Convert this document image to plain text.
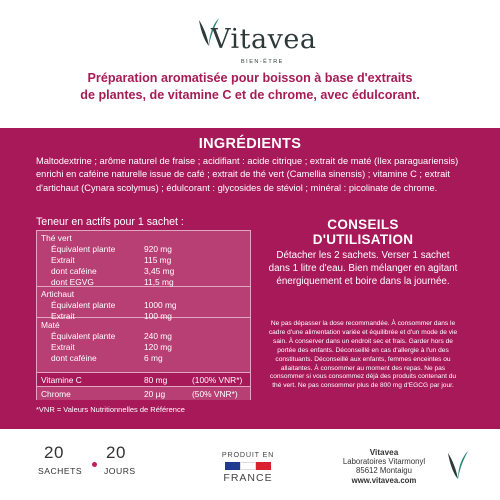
Vitavea
BIEN-ÊTRE
Préparation aromatisée pour boisson à base d'extraits
de plantes, de vitamine C et de chrome, avec édulcorant.
INGRÉDIENTS
Maltodextrine ; arôme naturel de fraise ; acidifiant : acide citrique ; extrait de maté (Ilex paraguariensis) enrichi en caféine naturelle issue de café ; extrait de thé vert (Camellia sinensis) ; vitamine C ; extrait d'artichaut (Cynara scolymus) ; édulcorant : glycosides de stéviol ; minéral : picolinate de chrome.
Teneur en actifs pour 1 sachet :
Thé vert
Équivalent plante	920 mg
Extrait	115 mg
dont caféine	3,45 mg
dont EGVG	11,5 mg
Artichaut
Équivalent plante	1000 mg
Extrait	100 mg
Maté
Équivalent plante	240 mg
Extrait	120 mg
dont caféine	6 mg
Vitamine C	80 mg	(100% VNR*)
Chrome	20 µg	(50% VNR*)
*VNR = Valeurs Nutritionnelles de Référence
CONSEILS
D'UTILISATION
Détacher les 2 sachets. Verser 1 sachet dans 1 litre d'eau. Bien mélanger en agitant énergiquement et boire dans la journée.
Ne pas dépasser la dose recommandée. À consommer dans le cadre d'une alimentation variée et équilibrée et d'un mode de vie sain. À conserver dans un endroit sec et frais. Garder hors de portée des enfants. Déconseillé en cas d'allergie à l'un des constituants. Déconseillé aux enfants, femmes enceintes ou allaitantes. À consommer au moment des repas. Ne pas consommer si vous consommez déjà des produits contenant du thé vert. Ne pas consommer plus de 800 mg d'EGCG par jour.
20
SACHETS
20
JOURS
PRODUIT EN
FRANCE
Vitavea
Laboratoires Vitarmonyl
85612 Montaigu
www.vitavea.com
